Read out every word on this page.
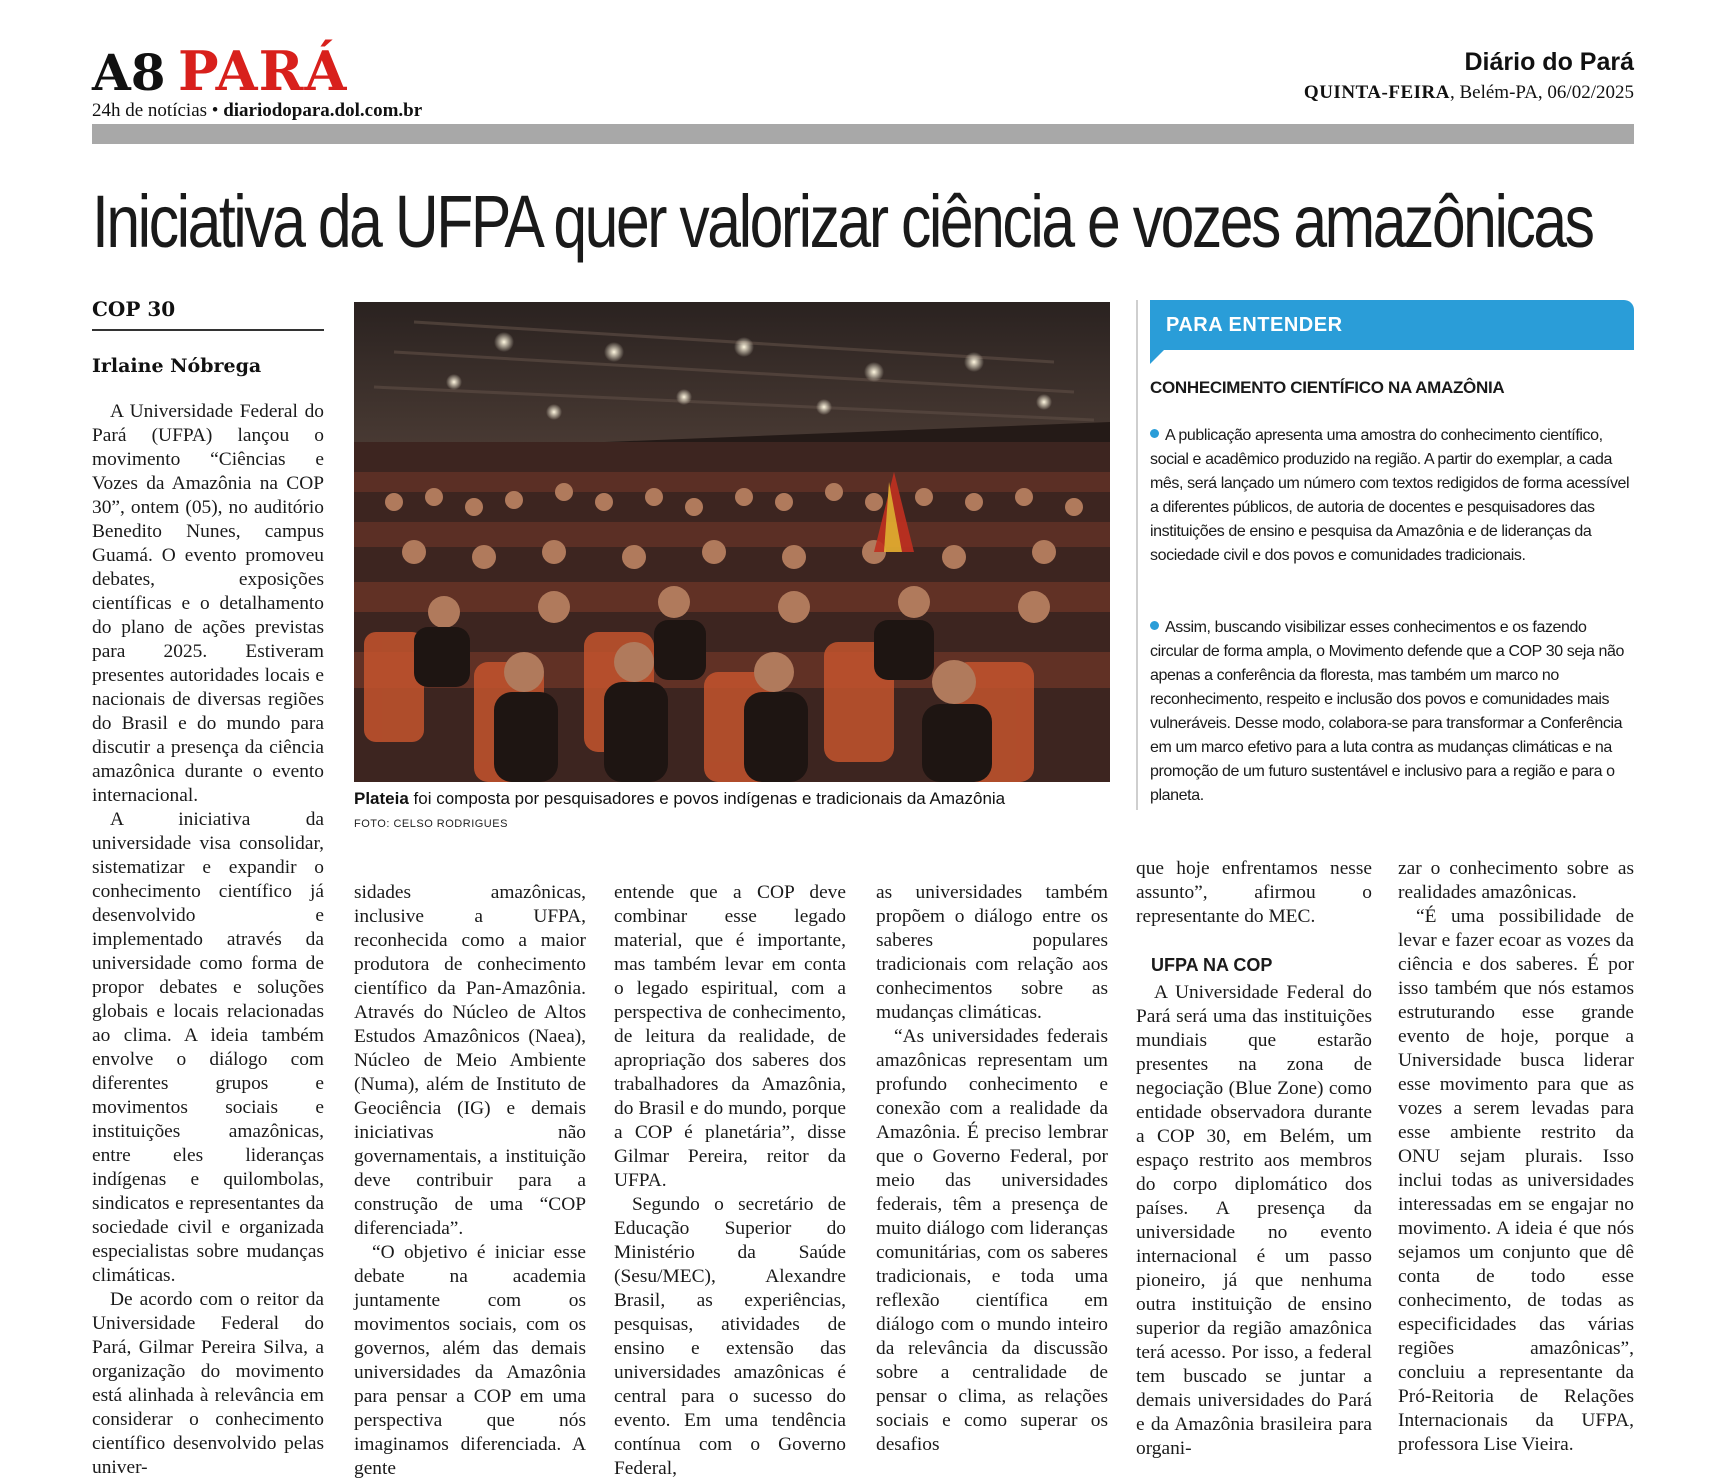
A8 PARÁ
24h de notícias • diariodopara.dol.com.br
Diário do Pará
QUINTA-FEIRA, Belém-PA, 06/02/2025
Iniciativa da UFPA quer valorizar ciência e vozes amazônicas
COP 30
Irlaine Nóbrega

A Universidade Federal do Pará (UFPA) lançou o movimento “Ciências e Vozes da Amazônia na COP 30”, ontem (05), no auditório Benedito Nunes, campus Guamá. O evento promoveu debates, exposições científicas e o detalhamento do plano de ações previstas para 2025. Estiveram presentes autoridades locais e nacionais de diversas regiões do Brasil e do mundo para discutir a presença da ciência amazônica durante o evento internacional.

A iniciativa da universidade visa consolidar, sistematizar e expandir o conhecimento científico já desenvolvido e implementado através da universidade como forma de propor debates e soluções globais e locais relacionadas ao clima. A ideia também envolve o diálogo com diferentes grupos e movimentos sociais e instituições amazônicas, entre eles lideranças indígenas e quilombolas, sindicatos e representantes da sociedade civil e organizada especialistas sobre mudanças climáticas.

De acordo com o reitor da Universidade Federal do Pará, Gilmar Pereira Silva, a organização do movimento está alinhada à relevância em considerar o conhecimento científico desenvolvido pelas univer-

Plateia foi composta por pesquisadores e povos indígenas e tradicionais da Amazônia
FOTO: CELSO RODRIGUES
PARA ENTENDER
CONHECIMENTO CIENTÍFICO NA AMAZÔNIA
A publicação apresenta uma amostra do conhecimento científico, social e acadêmico produzido na região. A partir do exemplar, a cada mês, será lançado um número com textos redigidos de forma acessível a diferentes públicos, de autoria de docentes e pesquisadores das instituições de ensino e pesquisa da Amazônia e de lideranças da sociedade civil e dos povos e comunidades tradicionais.
Assim, buscando visibilizar esses conhecimentos e os fazendo circular de forma ampla, o Movimento defende que a COP 30 seja não apenas a conferência da floresta, mas também um marco no reconhecimento, respeito e inclusão dos povos e comunidades mais vulneráveis. Desse modo, colabora-se para transformar a Conferência em um marco efetivo para a luta contra as mudanças climáticas e na promoção de um futuro sustentável e inclusivo para a região e para o planeta.

sidades amazônicas, inclusive a UFPA, reconhecida como a maior produtora de conhecimento científico da Pan-Amazônia. Através do Núcleo de Altos Estudos Amazônicos (Naea), Núcleo de Meio Ambiente (Numa), além de Instituto de Geociência (IG) e demais iniciativas não governamentais, a instituição deve contribuir para a construção de uma “COP diferenciada”.

“O objetivo é iniciar esse debate na academia juntamente com os movimentos sociais, com os governos, além das demais universidades da Amazônia para pensar a COP em uma perspectiva que nós imaginamos diferenciada. A gente

entende que a COP deve combinar esse legado material, que é importante, mas também levar em conta o legado espiritual, com a perspectiva de conhecimento, de leitura da realidade, de apropriação dos saberes dos trabalhadores da Amazônia, do Brasil e do mundo, porque a COP é planetária”, disse Gilmar Pereira, reitor da UFPA.

Segundo o secretário de Educação Superior do Ministério da Saúde (Sesu/MEC), Alexandre Brasil, as experiências, pesquisas, atividades de ensino e extensão das universidades amazônicas é central para o sucesso do evento. Em uma tendência contínua com o Governo Federal,

as universidades também propõem o diálogo entre os saberes populares tradicionais com relação aos conhecimentos sobre as mudanças climáticas.

“As universidades federais amazônicas representam um profundo conhecimento e conexão com a realidade da Amazônia. É preciso lembrar que o Governo Federal, por meio das universidades federais, têm a presença de muito diálogo com lideranças comunitárias, com os saberes tradicionais, e toda uma reflexão científica em diálogo com o mundo inteiro da relevância da discussão sobre a centralidade de pensar o clima, as relações sociais e como superar os desafios

que hoje enfrentamos nesse assunto”, afirmou o representante do MEC.

UFPA NA COP

A Universidade Federal do Pará será uma das instituições mundiais que estarão presentes na zona de negociação (Blue Zone) como entidade observadora durante a COP 30, em Belém, um espaço restrito aos membros do corpo diplomático dos países. A presença da universidade no evento internacional é um passo pioneiro, já que nenhuma outra instituição de ensino superior da região amazônica terá acesso. Por isso, a federal tem buscado se juntar a demais universidades do Pará e da Amazônia brasileira para organi-

zar o conhecimento sobre as realidades amazônicas.

“É uma possibilidade de levar e fazer ecoar as vozes da ciência e dos saberes. É por isso também que nós estamos estruturando esse grande evento de hoje, porque a Universidade busca liderar esse movimento para que as vozes a serem levadas para esse ambiente restrito da ONU sejam plurais. Isso inclui todas as universidades interessadas em se engajar no movimento. A ideia é que nós sejamos um conjunto que dê conta de todo esse conhecimento, de todas as especificidades das várias regiões amazônicas”, concluiu a representante da Pró-Reitoria de Relações Internacionais da UFPA, professora Lise Vieira.
